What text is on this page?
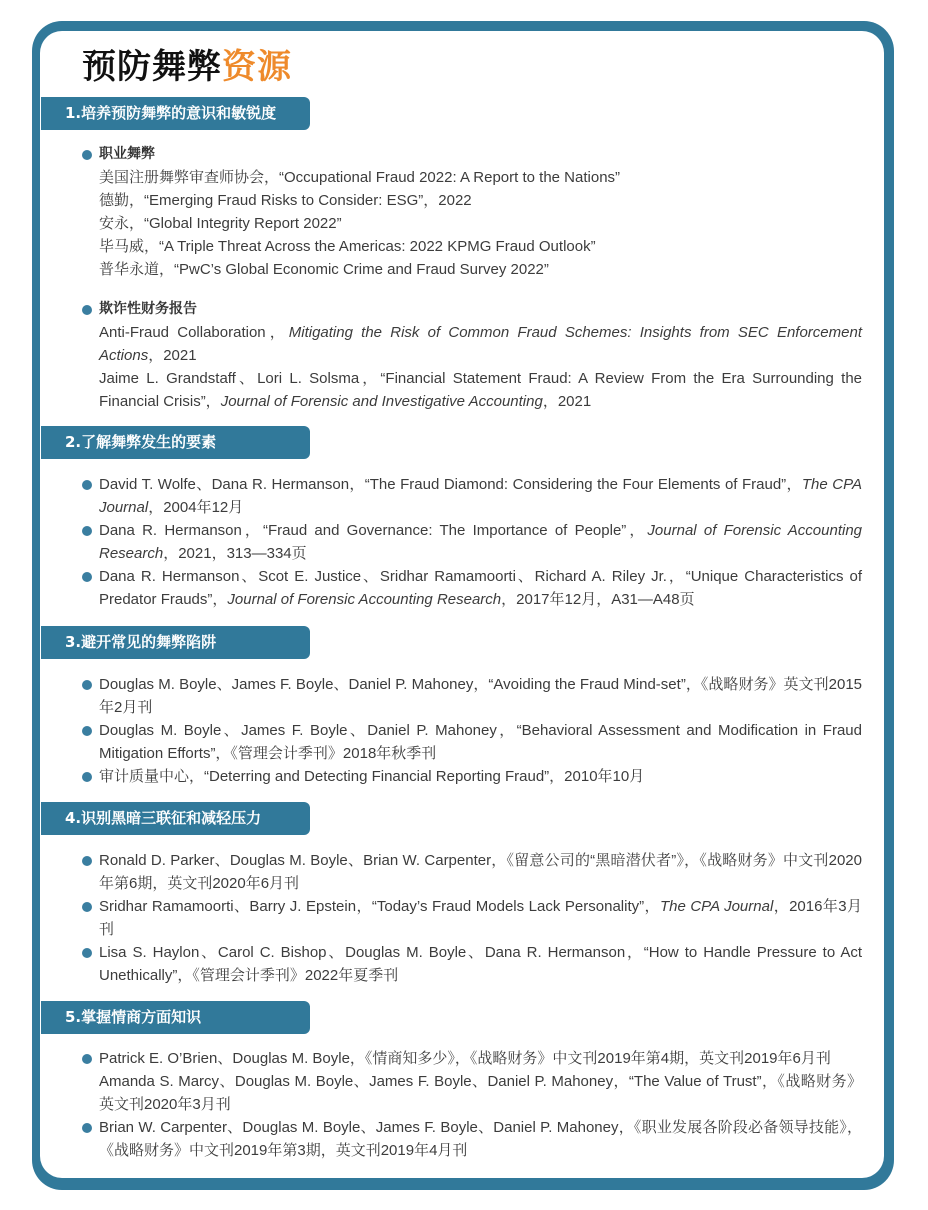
预防舞弊资源
1.培养预防舞弊的意识和敏锐度
职业舞弊
美国注册舞弊审查师协会，“Occupational Fraud 2022: A Report to the Nations”
德勤，“Emerging Fraud Risks to Consider: ESG”，2022
安永，“Global Integrity Report 2022”
毕马威，“A Triple Threat Across the Americas: 2022 KPMG Fraud Outlook”
普华永道，“PwC’s Global Economic Crime and Fraud Survey 2022”
欺诈性财务报告
Anti-Fraud Collaboration，Mitigating the Risk of Common Fraud Schemes: Insights from SEC Enforcement Actions，2021
Jaime L. Grandstaff、Lori L. Solsma，“Financial Statement Fraud: A Review From the Era Surrounding the Financial Crisis”，Journal of Forensic and Investigative Accounting，2021
2.了解舞弊发生的要素
David T. Wolfe、Dana R. Hermanson，“The Fraud Diamond: Considering the Four Elements of Fraud”，The CPA Journal，2004年12月
Dana R. Hermanson，“Fraud and Governance: The Importance of People”，Journal of Forensic Accounting Research，2021，313—334页
Dana R. Hermanson、Scot E. Justice、Sridhar Ramamoorti、Richard A. Riley Jr.，“Unique Characteristics of Predator Frauds”，Journal of Forensic Accounting Research，2017年12月，A31—A48页
3.避开常见的舞弊陷阱
Douglas M. Boyle、James F. Boyle、Daniel P. Mahoney，“Avoiding the Fraud Mind-set”，《战略财务》英文刊2015年2月刊
Douglas M. Boyle、James F. Boyle、Daniel P. Mahoney，“Behavioral Assessment and Modification in Fraud Mitigation Efforts”，《管理会计季刊》2018年秋季刊
审计质量中心，“Deterring and Detecting Financial Reporting Fraud”，2010年10月
4.识别黑暗三联征和减轻压力
Ronald D. Parker、Douglas M. Boyle、Brian W. Carpenter，《留意公司的“黑暗潜伏者”》，《战略财务》中文刊2020年第6期，英文刊2020年6月刊
Sridhar Ramamoorti、Barry J. Epstein，“Today’s Fraud Models Lack Personality”，The CPA Journal，2016年3月刊
Lisa S. Haylon、Carol C. Bishop、Douglas M. Boyle、Dana R. Hermanson，“How to Handle Pressure to Act Unethically”，《管理会计季刊》2022年夏季刊
5.掌握情商方面知识
Patrick E. O’Brien、Douglas M. Boyle，《情商知多少》，《战略财务》中文刊2019年第4期，英文刊2019年6月刊
Amanda S. Marcy、Douglas M. Boyle、James F. Boyle、Daniel P. Mahoney，“The Value of Trust”，《战略财务》英文刊2020年3月刊
Brian W. Carpenter、Douglas M. Boyle、James F. Boyle、Daniel P. Mahoney，《职业发展各阶段必备领导技能》，《战略财务》中文刊2019年第3期，英文刊2019年4月刊
